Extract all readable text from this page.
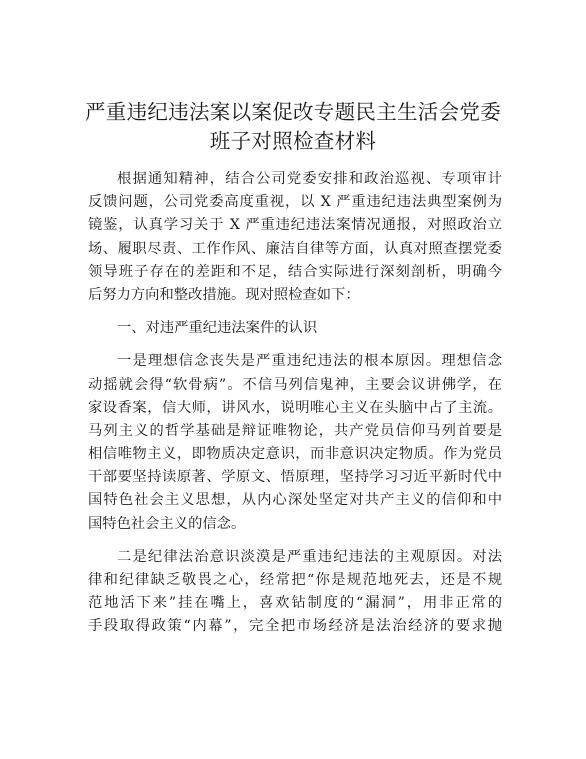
严重违纪违法案以案促改专题民主生活会党委
班子对照检查材料
根据通知精神，结合公司党委安排和政治巡视、专项审计
反馈问题，公司党委高度重视，以 X 严重违纪违法典型案例为
镜鉴，认真学习关于 X 严重违纪违法案情况通报，对照政治立
场、履职尽责、工作作风、廉洁自律等方面，认真对照查摆党委
领导班子存在的差距和不足，结合实际进行深刻剖析，明确今
后努力方向和整改措施。现对照检查如下：
一、对违严重纪违法案件的认识
一是理想信念丧失是严重违纪违法的根本原因。理想信念
动摇就会得“软骨病”。不信马列信鬼神，主要会议讲佛学，在
家设香案，信大师，讲风水，说明唯心主义在头脑中占了主流。
马列主义的哲学基础是辩证唯物论，共产党员信仰马列首要是
相信唯物主义，即物质决定意识，而非意识决定物质。作为党员
干部要坚持读原著、学原文、悟原理，坚持学习习近平新时代中
国特色社会主义思想，从内心深处坚定对共产主义的信仰和中
国特色社会主义的信念。
二是纪律法治意识淡漠是严重违纪违法的主观原因。对法
律和纪律缺乏敬畏之心，经常把“你是规范地死去，还是不规
范地活下来”挂在嘴上，喜欢钻制度的“漏洞”，用非正常的
手段取得政策“内幕”，完全把市场经济是法治经济的要求抛
